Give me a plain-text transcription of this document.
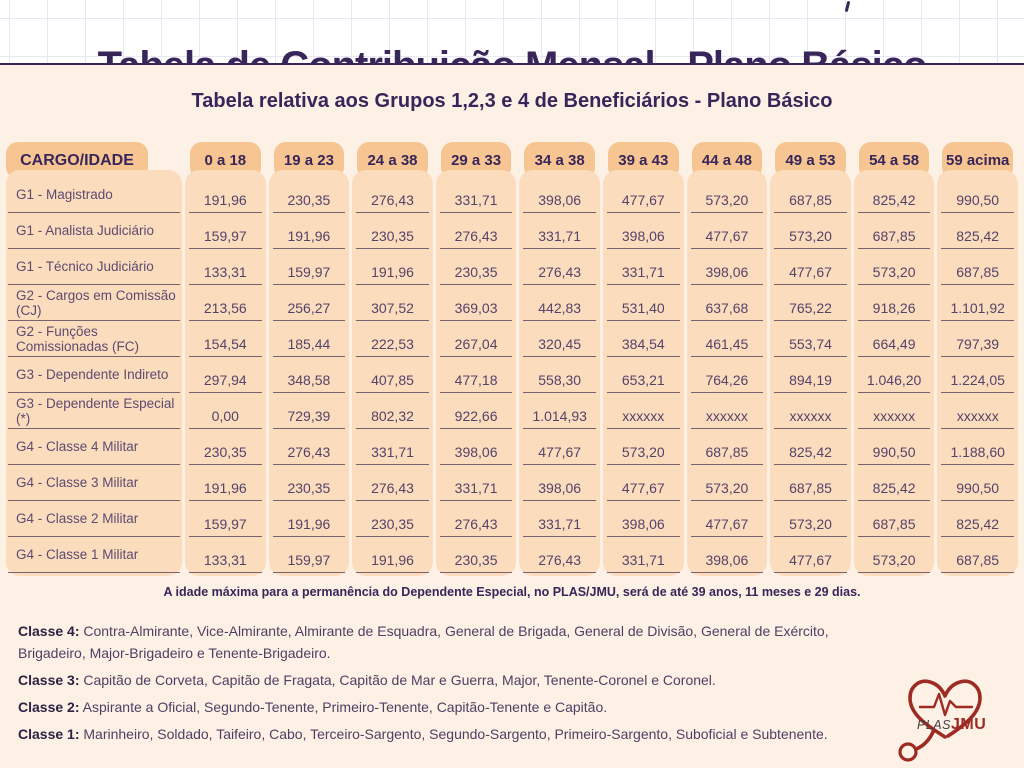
Tabela relativa aos Grupos 1,2,3 e 4 de Beneficiários - Plano Básico
CARGO/IDADE
G1 - Magistrado
G1 - Analista Judiciário
G1 - Técnico Judiciário
G2 - Cargos em Comissão (CJ)
G2 - Funções Comissionadas (FC)
G3 - Dependente Indireto
G3 - Dependente Especial (*)
G4 - Classe 4 Militar
G4 - Classe 3 Militar
G4 - Classe 2 Militar
G4 - Classe 1 Militar
0 a 18
191,96
159,97
133,31
213,56
154,54
297,94
0,00
230,35
191,96
159,97
133,31
19 a 23
230,35
191,96
159,97
256,27
185,44
348,58
729,39
276,43
230,35
191,96
159,97
24 a 38
276,43
230,35
191,96
307,52
222,53
407,85
802,32
331,71
276,43
230,35
191,96
29 a 33
331,71
276,43
230,35
369,03
267,04
477,18
922,66
398,06
331,71
276,43
230,35
34 a 38
398,06
331,71
276,43
442,83
320,45
558,30
1.014,93
477,67
398,06
331,71
276,43
39 a 43
477,67
398,06
331,71
531,40
384,54
653,21
xxxxxx
573,20
477,67
398,06
331,71
44 a 48
573,20
477,67
398,06
637,68
461,45
764,26
xxxxxx
687,85
573,20
477,67
398,06
49 a 53
687,85
573,20
477,67
765,22
553,74
894,19
xxxxxx
825,42
687,85
573,20
477,67
54 a 58
825,42
687,85
573,20
918,26
664,49
1.046,20
xxxxxx
990,50
825,42
687,85
573,20
59 acima
990,50
825,42
687,85
1.101,92
797,39
1.224,05
xxxxxx
1.188,60
990,50
825,42
687,85
A idade máxima para a permanência do Dependente Especial, no PLAS/JMU, será de até 39 anos, 11 meses e 29 dias.

Classe 4: Contra-Almirante, Vice-Almirante, Almirante de Esquadra, General de Brigada, General de Divisão, General de Exército, Brigadeiro, Major-Brigadeiro e Tenente-Brigadeiro.

Classe 3: Capitão de Corveta, Capitão de Fragata, Capitão de Mar e Guerra, Major, Tenente-Coronel e Coronel.

Classe 2: Aspirante a Oficial, Segundo-Tenente, Primeiro-Tenente, Capitão-Tenente e Capitão.

Classe 1: Marinheiro, Soldado, Taifeiro, Cabo, Terceiro-Sargento, Segundo-Sargento, Primeiro-Sargento, Suboficial e Subtenente.

PLAS JMU
